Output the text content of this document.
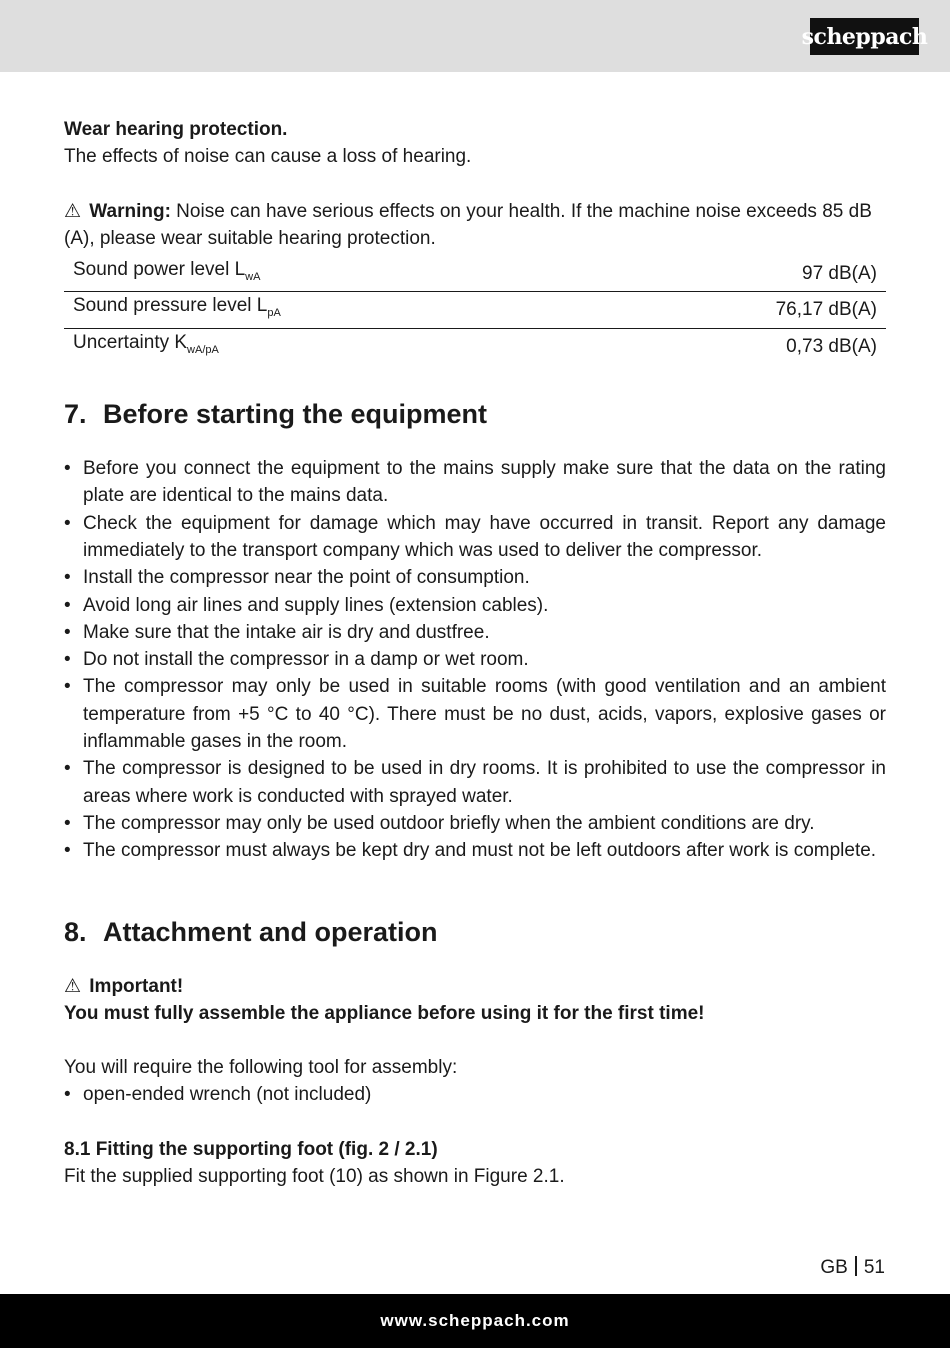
scheppach

Wear hearing protection.

The effects of noise can cause a loss of hearing.

⚠ Warning: Noise can have serious effects on your health. If the machine noise exceeds 85 dB (A), please wear suitable hearing protection.

Sound power level $L_{wA}$	97 dB(A)
Sound pressure level $L_{pA}$	76,17 dB(A)
Uncertainty $K_{wA/pA}$	0,73 dB(A)
7. Before starting the equipment
• Before you connect the equipment to the mains supply make sure that the data on the rating plate are identical to the mains data.
• Check the equipment for damage which may have occurred in transit. Report any damage immediately to the transport company which was used to deliver the compressor.
• Install the compressor near the point of consumption.
• Avoid long air lines and supply lines (extension cables).
• Make sure that the intake air is dry and dustfree.
• Do not install the compressor in a damp or wet room.
• The compressor may only be used in suitable rooms (with good ventilation and an ambient temperature from +5 °C to 40 °C). There must be no dust, acids, vapors, explosive gases or inflammable gases in the room.
• The compressor is designed to be used in dry rooms. It is prohibited to use the compressor in areas where work is conducted with sprayed water.
• The compressor may only be used outdoor briefly when the ambient conditions are dry.
• The compressor must always be kept dry and must not be left outdoors after work is complete.
8. Attachment and operation

⚠ Important!

You must fully assemble the appliance before using it for the first time!

You will require the following tool for assembly:

• open-ended wrench (not included)

8.1 Fitting the supporting foot (fig. 2 / 2.1)

Fit the supplied supporting foot (10) as shown in Figure 2.1.

GB 51
www.scheppach.com
